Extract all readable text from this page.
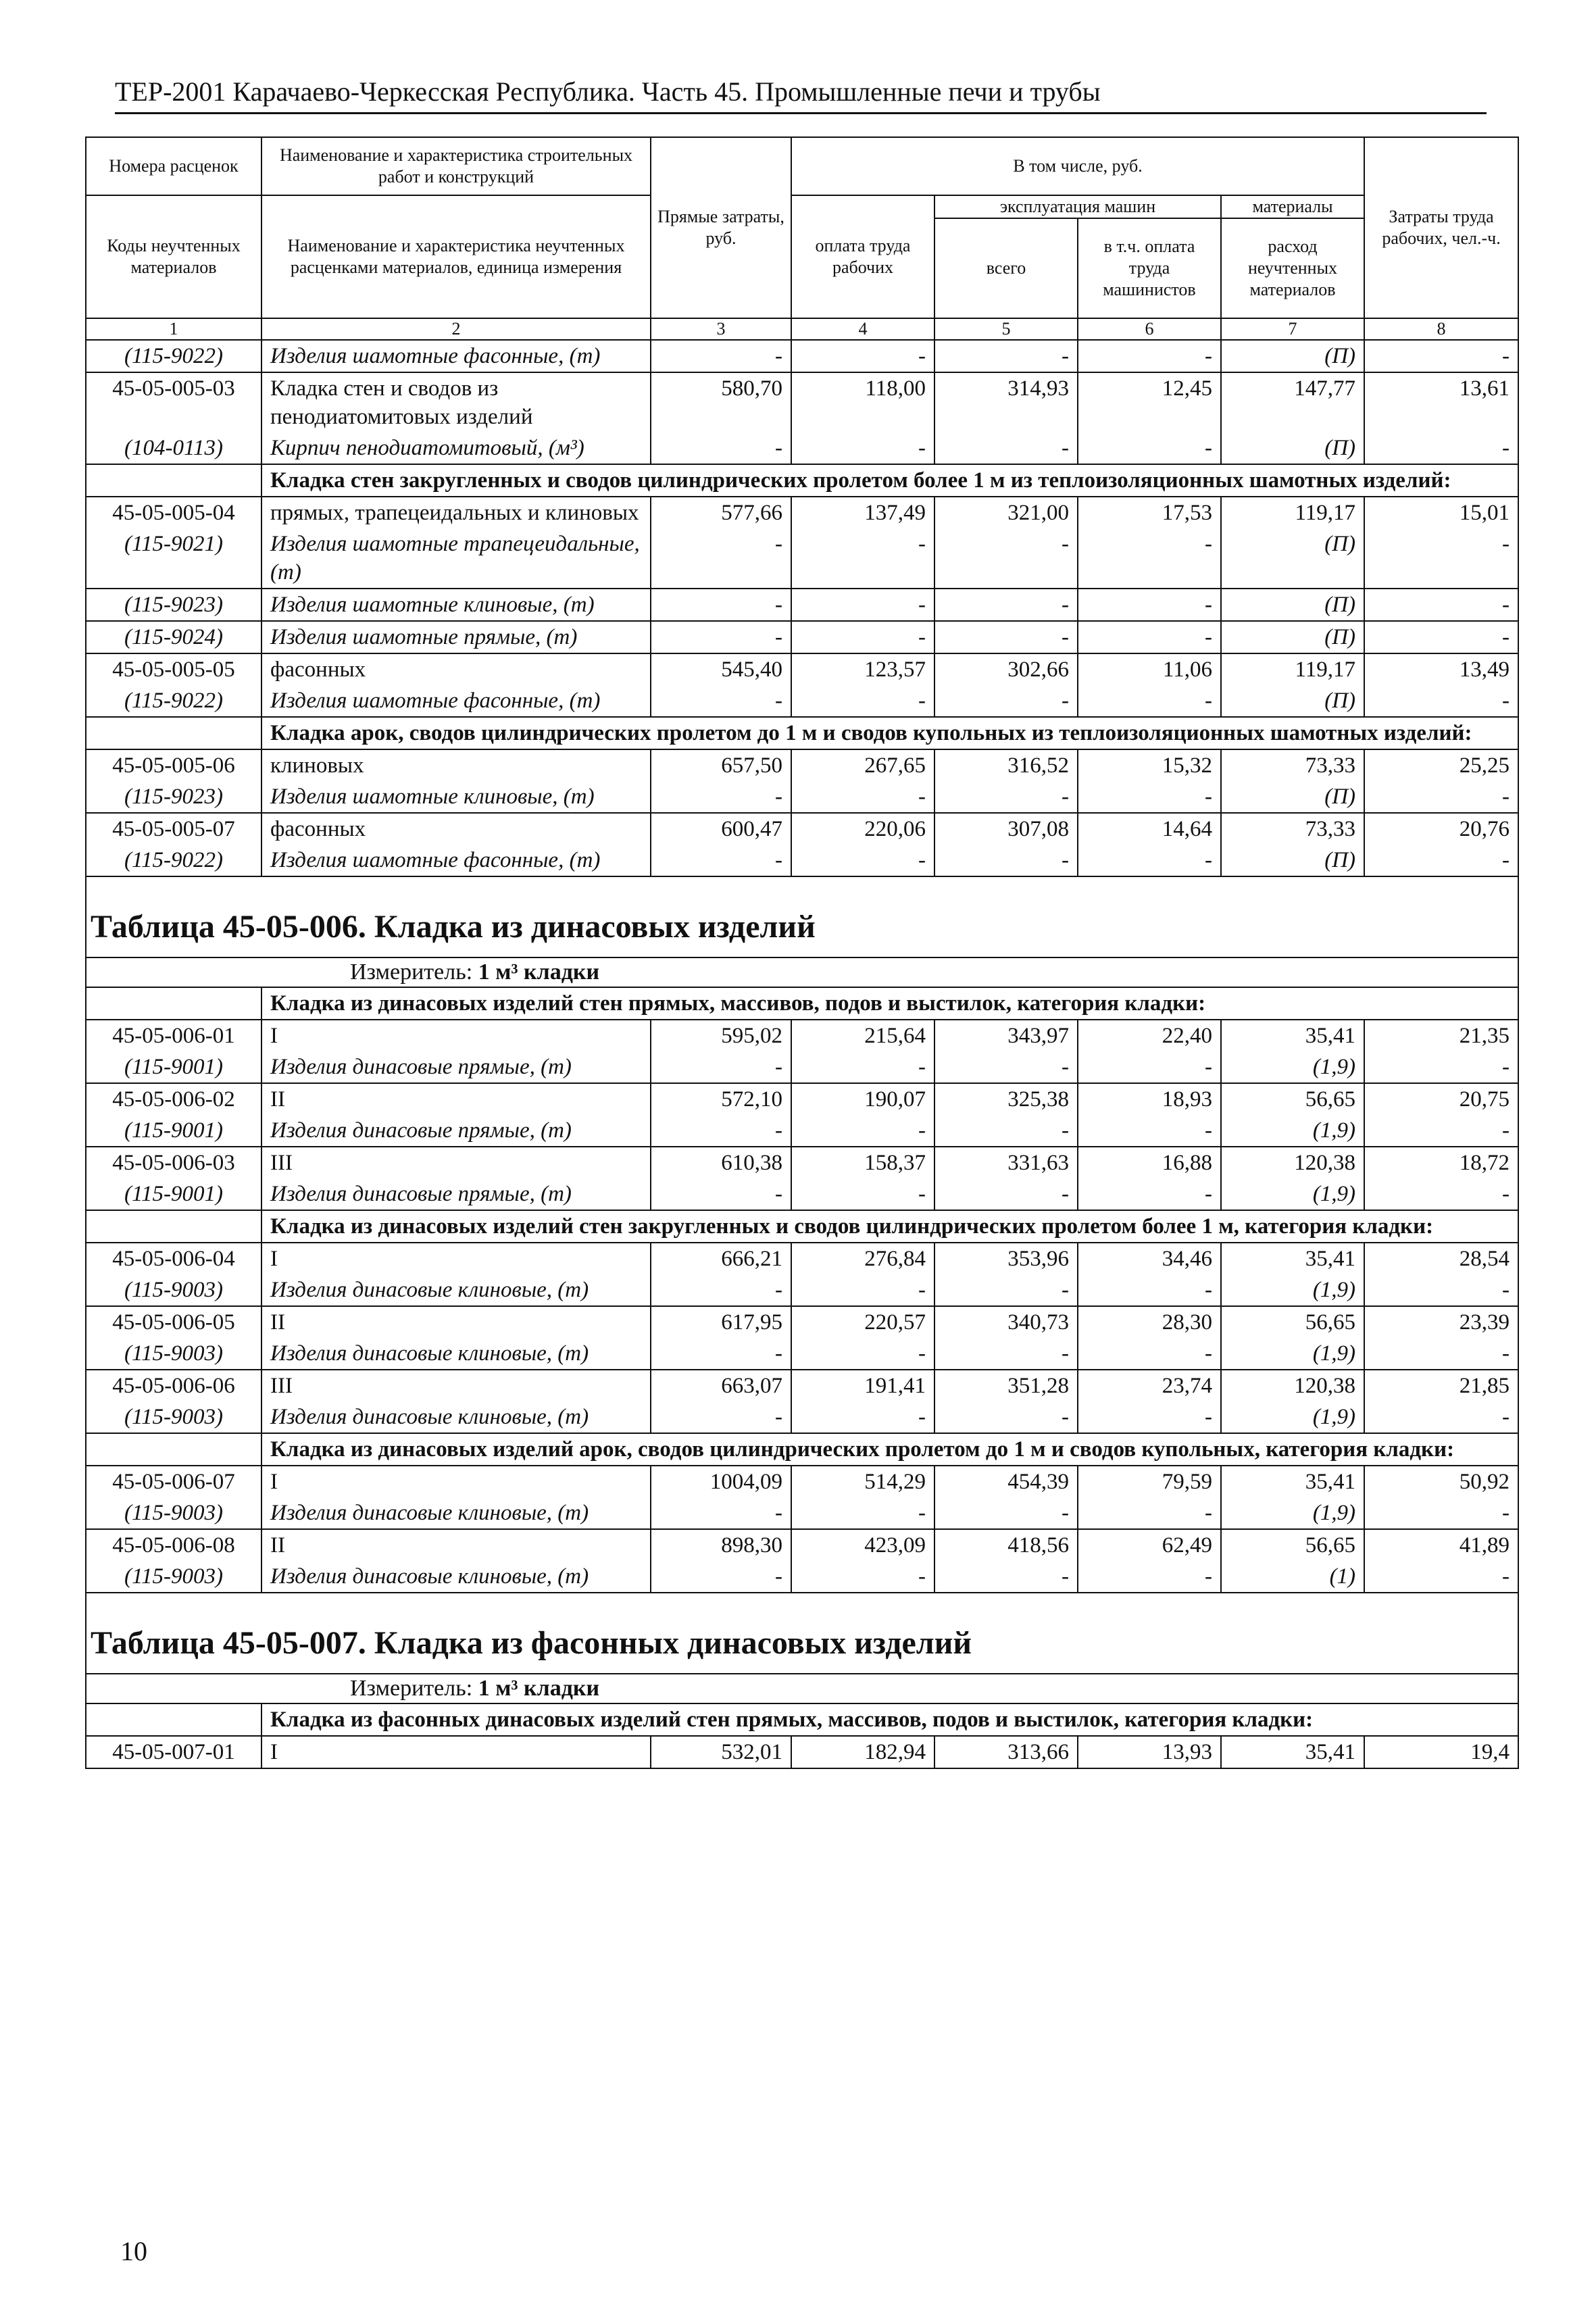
ТЕР-2001 Карачаево-Черкесская Республика. Часть 45. Промышленные печи и трубы
Номера расценок	Наименование и характеристика строительных работ и конструкций	Прямые затраты, руб.	В том числе, руб.				Затраты труда рабочих, чел.-ч.
Коды неучтенных материалов	Наименование и характеристика неучтенных расценками материалов, единица измерения		оплата труда рабочих	эксплуатация машин		материалы	
				всего	в т.ч. оплата труда машинистов	расход неучтенных материалов	
1	2	3	4	5	6	7	8
(115-9022)	Изделия шамотные фасонные, (т)	-	-	-	-	(П)	-
45-05-005-03	Кладка стен и сводов из пенодиатомитовых изделий	580,70	118,00	314,93	12,45	147,77	13,61
(104-0113)	Кирпич пенодиатомитовый, (м³)	-	-	-	-	(П)	-
	Кладка стен закругленных и сводов цилиндрических пролетом более 1 м из теплоизоляционных шамотных изделий:						
45-05-005-04	прямых, трапецеидальных и клиновых	577,66	137,49	321,00	17,53	119,17	15,01
(115-9021)	Изделия шамотные трапецеидальные, (т)	-	-	-	-	(П)	-
(115-9023)	Изделия шамотные клиновые, (т)	-	-	-	-	(П)	-
(115-9024)	Изделия шамотные прямые, (т)	-	-	-	-	(П)	-
45-05-005-05	фасонных	545,40	123,57	302,66	11,06	119,17	13,49
(115-9022)	Изделия шамотные фасонные, (т)	-	-	-	-	(П)	-
	Кладка арок, сводов цилиндрических пролетом до 1 м и сводов купольных из теплоизоляционных шамотных изделий:						
45-05-005-06	клиновых	657,50	267,65	316,52	15,32	73,33	25,25
(115-9023)	Изделия шамотные клиновые, (т)	-	-	-	-	(П)	-
45-05-005-07	фасонных	600,47	220,06	307,08	14,64	73,33	20,76
(115-9022)	Изделия шамотные фасонные, (т)	-	-	-	-	(П)	-
Таблица 45-05-006. Кладка из динасовых изделий							
Измеритель: 1 м³ кладки							
	Кладка из динасовых изделий стен прямых, массивов, подов и выстилок, категория кладки:						
45-05-006-01	I	595,02	215,64	343,97	22,40	35,41	21,35
(115-9001)	Изделия динасовые прямые, (т)	-	-	-	-	(1,9)	-
45-05-006-02	II	572,10	190,07	325,38	18,93	56,65	20,75
(115-9001)	Изделия динасовые прямые, (т)	-	-	-	-	(1,9)	-
45-05-006-03	III	610,38	158,37	331,63	16,88	120,38	18,72
(115-9001)	Изделия динасовые прямые, (т)	-	-	-	-	(1,9)	-
	Кладка из динасовых изделий стен закругленных и сводов цилиндрических пролетом более 1 м, категория кладки:						
45-05-006-04	I	666,21	276,84	353,96	34,46	35,41	28,54
(115-9003)	Изделия динасовые клиновые, (т)	-	-	-	-	(1,9)	-
45-05-006-05	II	617,95	220,57	340,73	28,30	56,65	23,39
(115-9003)	Изделия динасовые клиновые, (т)	-	-	-	-	(1,9)	-
45-05-006-06	III	663,07	191,41	351,28	23,74	120,38	21,85
(115-9003)	Изделия динасовые клиновые, (т)	-	-	-	-	(1,9)	-
	Кладка из динасовых изделий арок, сводов цилиндрических пролетом до 1 м и сводов купольных, категория кладки:						
45-05-006-07	I	1004,09	514,29	454,39	79,59	35,41	50,92
(115-9003)	Изделия динасовые клиновые, (т)	-	-	-	-	(1,9)	-
45-05-006-08	II	898,30	423,09	418,56	62,49	56,65	41,89
(115-9003)	Изделия динасовые клиновые, (т)	-	-	-	-	(1)	-
Таблица 45-05-007. Кладка из фасонных динасовых изделий							
Измеритель: 1 м³ кладки							
	Кладка из фасонных динасовых изделий стен прямых, массивов, подов и выстилок, категория кладки:						
45-05-007-01	I	532,01	182,94	313,66	13,93	35,41	19,4
10
